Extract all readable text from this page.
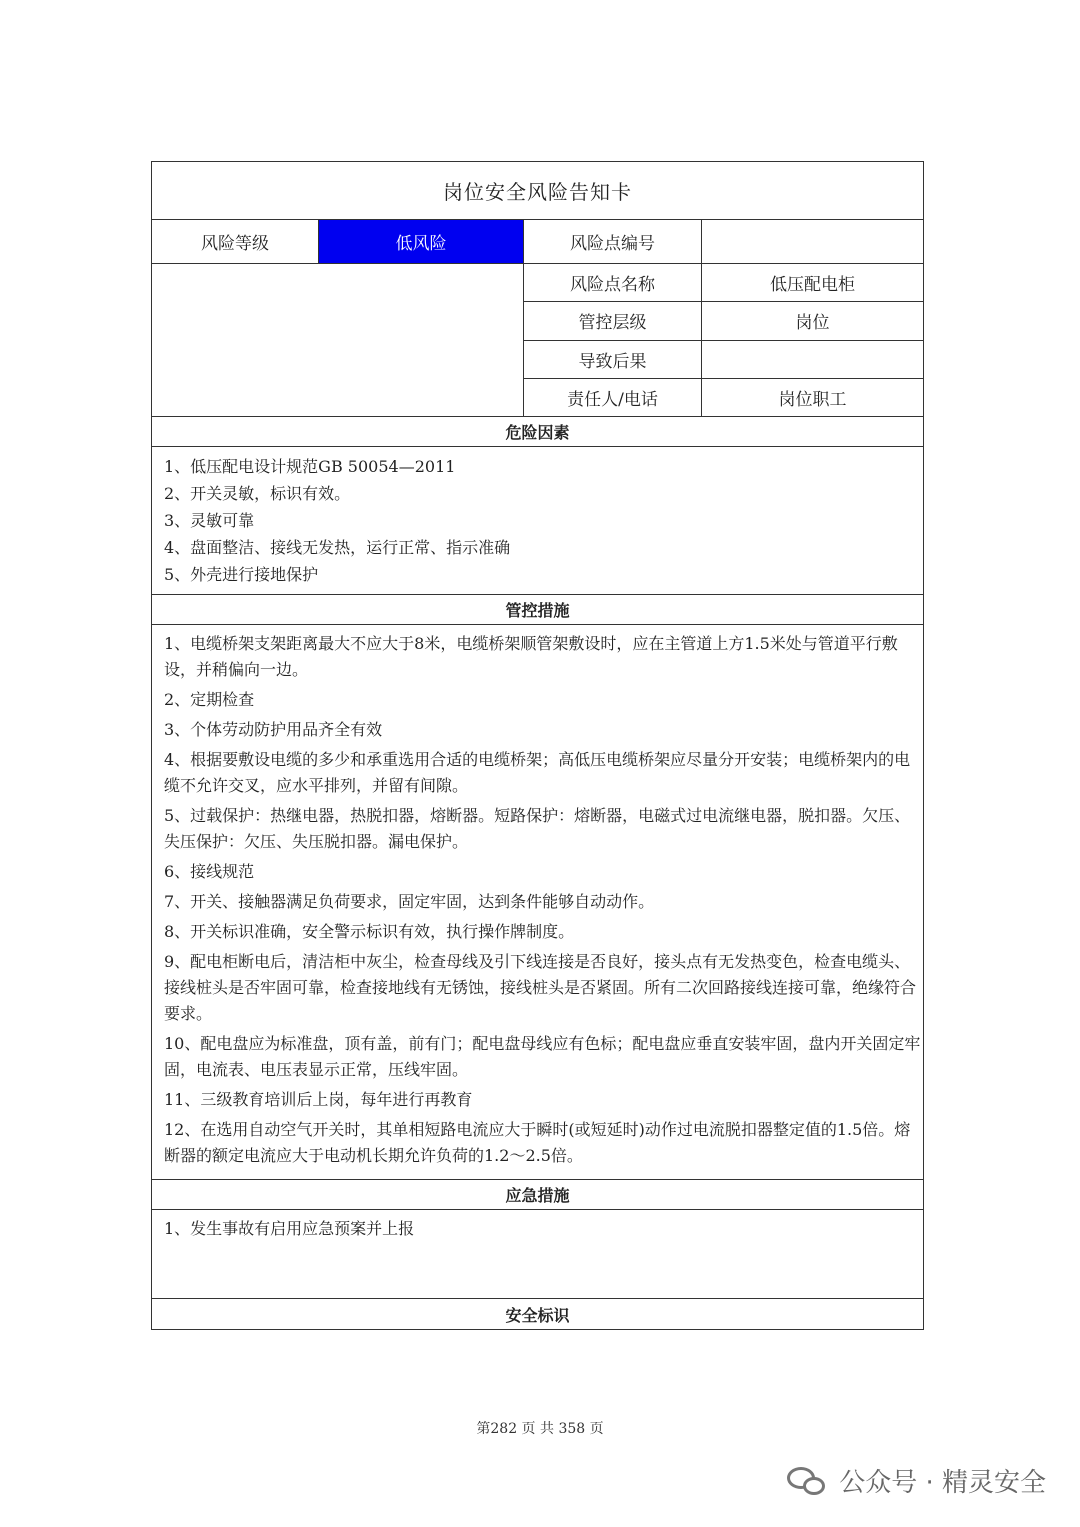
岗位安全风险告知卡
风险等级	低风险	风险点编号
风险点名称	低压配电柜
管控层级	岗位
导致后果
责任人/电话	岗位职工
危险因素

1、低压配电设计规范GB 50054—2011

2、开关灵敏，标识有效。

3、灵敏可靠

4、盘面整洁、接线无发热，运行正常、指示准确

5、外壳进行接地保护

管控措施

1、电缆桥架支架距离最大不应大于8米，电缆桥架顺管架敷设时，应在主管道上方1.5米处与管道平行敷设，并稍偏向一边。

2、定期检查

3、个体劳动防护用品齐全有效

4、根据要敷设电缆的多少和承重选用合适的电缆桥架；高低压电缆桥架应尽量分开安装；电缆桥架内的电缆不允许交叉，应水平排列，并留有间隙。

5、过载保护：热继电器，热脱扣器，熔断器。短路保护：熔断器，电磁式过电流继电器，脱扣器。欠压、失压保护：欠压、失压脱扣器。漏电保护。

6、接线规范

7、开关、接触器满足负荷要求，固定牢固，达到条件能够自动动作。

8、开关标识准确，安全警示标识有效，执行操作牌制度。

9、配电柜断电后，清洁柜中灰尘，检查母线及引下线连接是否良好，接头点有无发热变色，检查电缆头、接线桩头是否牢固可靠，检查接地线有无锈蚀，接线桩头是否紧固。所有二次回路接线连接可靠，绝缘符合要求。

10、配电盘应为标准盘，顶有盖，前有门；配电盘母线应有色标；配电盘应垂直安装牢固，盘内开关固定牢固，电流表、电压表显示正常，压线牢固。

11、三级教育培训后上岗，每年进行再教育

12、在选用自动空气开关时，其单相短路电流应大于瞬时(或短延时)动作过电流脱扣器整定值的1.5倍。熔断器的额定电流应大于电动机长期允许负荷的1.2～2.5倍。

应急措施

1、发生事故有启用应急预案并上报

安全标识
第282 页 共 358 页
公众号 · 精灵安全
